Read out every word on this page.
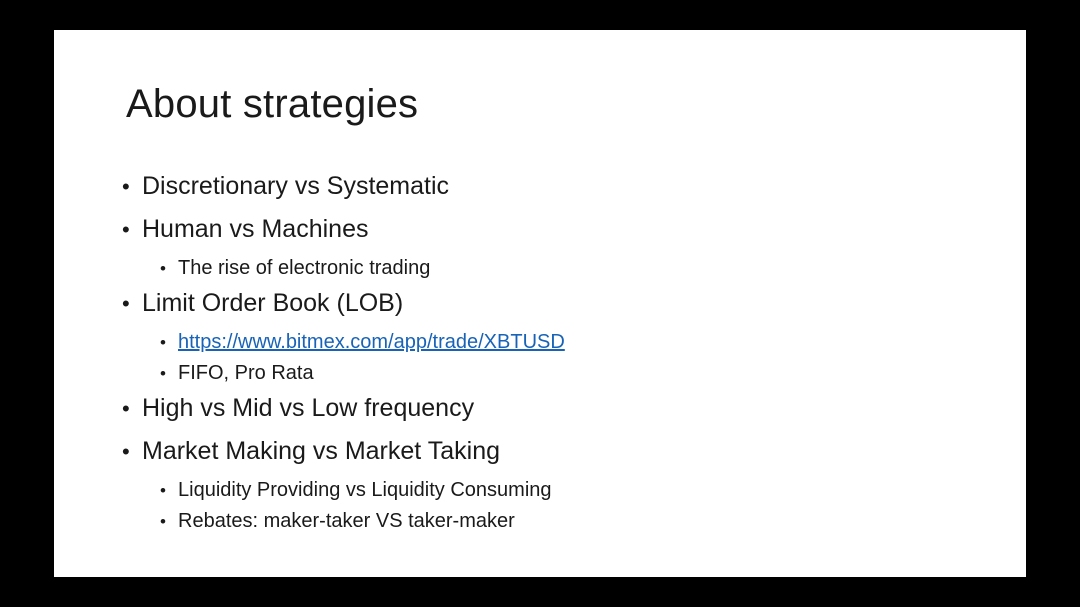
About strategies
• Discretionary vs Systematic
• Human vs Machines
• The rise of electronic trading
• Limit Order Book (LOB)
• https://www.bitmex.com/app/trade/XBTUSD
• FIFO, Pro Rata
• High vs Mid vs Low frequency
• Market Making vs Market Taking
• Liquidity Providing vs Liquidity Consuming
• Rebates: maker-taker VS taker-maker
